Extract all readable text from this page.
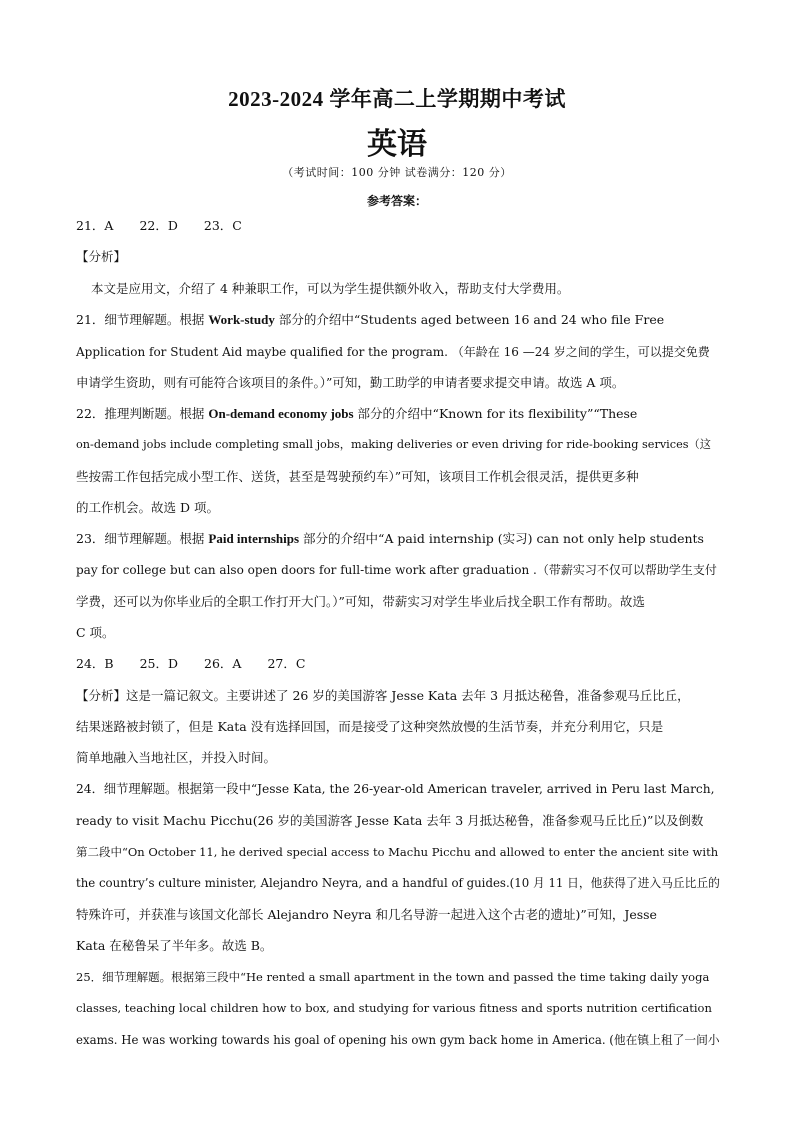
2023-2024 学年高二上学期期中考试
英语
（考试时间：100 分钟 试卷满分：120 分）
参考答案：
21．A 22．D 23．C
【分析】
本文是应用文，介绍了 4 种兼职工作，可以为学生提供额外收入，帮助支付大学费用。
21．细节理解题。根据 Work-study 部分的介绍中“Students aged between 16 and 24 who file Free
Application for Student Aid maybe qualified for the program. （年龄在 16 —24 岁之间的学生，可以提交免费
申请学生资助，则有可能符合该项目的条件。）”可知，勤工助学的申请者要求提交申请。故选 A 项。
22．推理判断题。根据 On-demand economy jobs 部分的介绍中“Known for its flexibility”“These
on-demand jobs include completing small jobs，making deliveries or even driving for ride-booking services（这
些按需工作包括完成小型工作、送货，甚至是驾驶预约车）”可知，该项目工作机会很灵活，提供更多种
的工作机会。故选 D 项。
23．细节理解题。根据 Paid internships 部分的介绍中“A paid internship (实习) can not only help students
pay for college but can also open doors for full-time work after graduation .（带薪实习不仅可以帮助学生支付
学费，还可以为你毕业后的全职工作打开大门。）”可知，带薪实习对学生毕业后找全职工作有帮助。故选
C 项。
24．B 25．D 26．A 27．C
【分析】这是一篇记叙文。主要讲述了 26 岁的美国游客 Jesse Kata 去年 3 月抵达秘鲁，准备参观马丘比丘，
结果迷路被封锁了，但是 Kata 没有选择回国，而是接受了这种突然放慢的生活节奏，并充分利用它，只是
简单地融入当地社区，并投入时间。
24．细节理解题。根据第一段中“Jesse Kata, the 26-year-old American traveler, arrived in Peru last March,
ready to visit Machu Picchu(26 岁的美国游客 Jesse Kata 去年 3 月抵达秘鲁，准备参观马丘比丘)”以及倒数
第二段中“On October 11, he derived special access to Machu Picchu and allowed to enter the ancient site with
the country’s culture minister, Alejandro Neyra, and a handful of guides.(10 月 11 日，他获得了进入马丘比丘的
特殊许可，并获准与该国文化部长 Alejandro Neyra 和几名导游一起进入这个古老的遗址)”可知，Jesse
Kata 在秘鲁呆了半年多。故选 B。
25．细节理解题。根据第三段中“He rented a small apartment in the town and passed the time taking daily yoga
classes, teaching local children how to box, and studying for various fitness and sports nutrition certification
exams. He was working towards his goal of opening his own gym back home in America. (他在镇上租了一间小
